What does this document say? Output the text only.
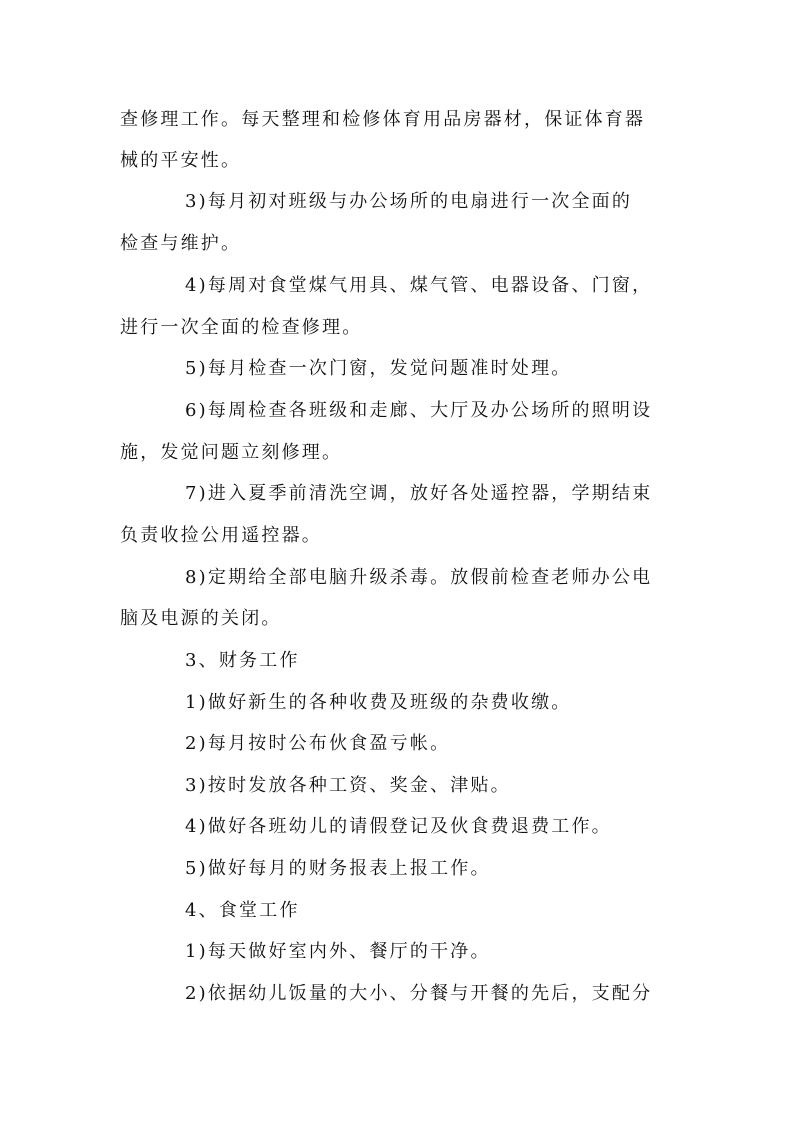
查修理工作。每天整理和检修体育用品房器材，保证体育器
械的平安性。
3)每月初对班级与办公场所的电扇进行一次全面的
检查与维护。
4)每周对食堂煤气用具、煤气管、电器设备、门窗，
进行一次全面的检查修理。
5)每月检查一次门窗，发觉问题准时处理。
6)每周检查各班级和走廊、大厅及办公场所的照明设
施，发觉问题立刻修理。
7)进入夏季前清洗空调，放好各处遥控器，学期结束
负责收捡公用遥控器。
8)定期给全部电脑升级杀毒。放假前检查老师办公电
脑及电源的关闭。
3、财务工作
1)做好新生的各种收费及班级的杂费收缴。
2)每月按时公布伙食盈亏帐。
3)按时发放各种工资、奖金、津贴。
4)做好各班幼儿的请假登记及伙食费退费工作。
5)做好每月的财务报表上报工作。
4、食堂工作
1)每天做好室内外、餐厅的干净。
2)依据幼儿饭量的大小、分餐与开餐的先后，支配分
